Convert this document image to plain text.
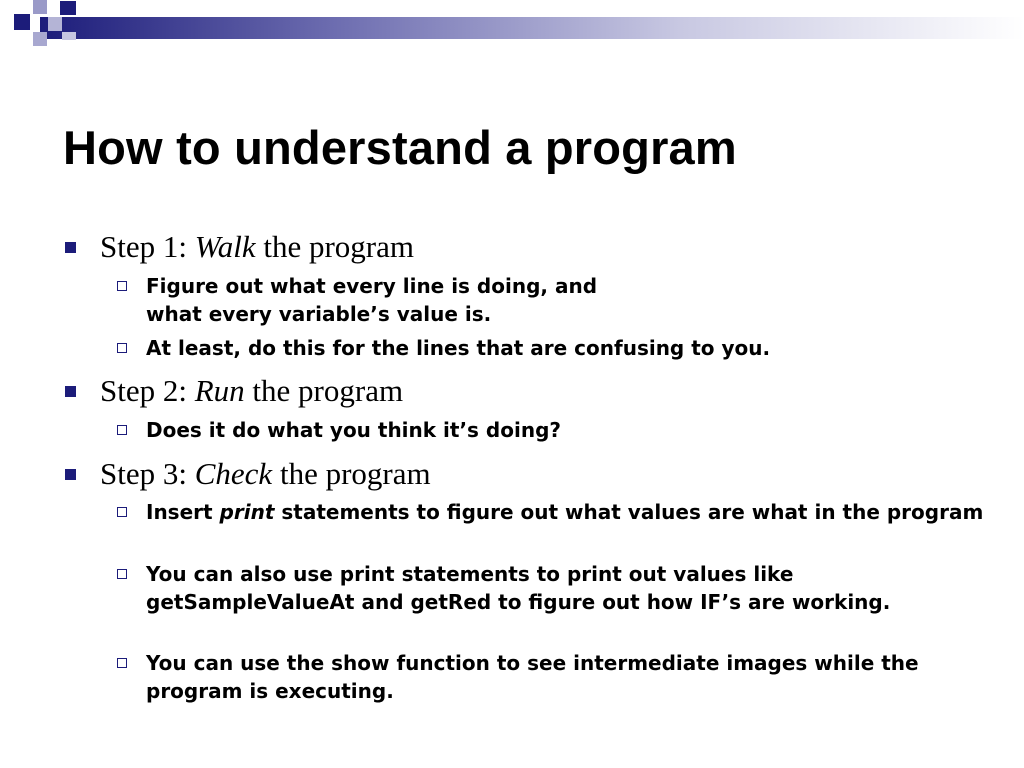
How to understand a program
Step 1: Walk the program
Figure out what every line is doing, and
what every variable’s value is.
At least, do this for the lines that are confusing to you.
Step 2: Run the program
Does it do what you think it’s doing?
Step 3: Check the program
Insert print statements to figure out what values are what in the program
You can also use print statements to print out values like getSampleValueAt and getRed to figure out how IF’s are working.
You can use the show function to see intermediate images while the program is executing.
